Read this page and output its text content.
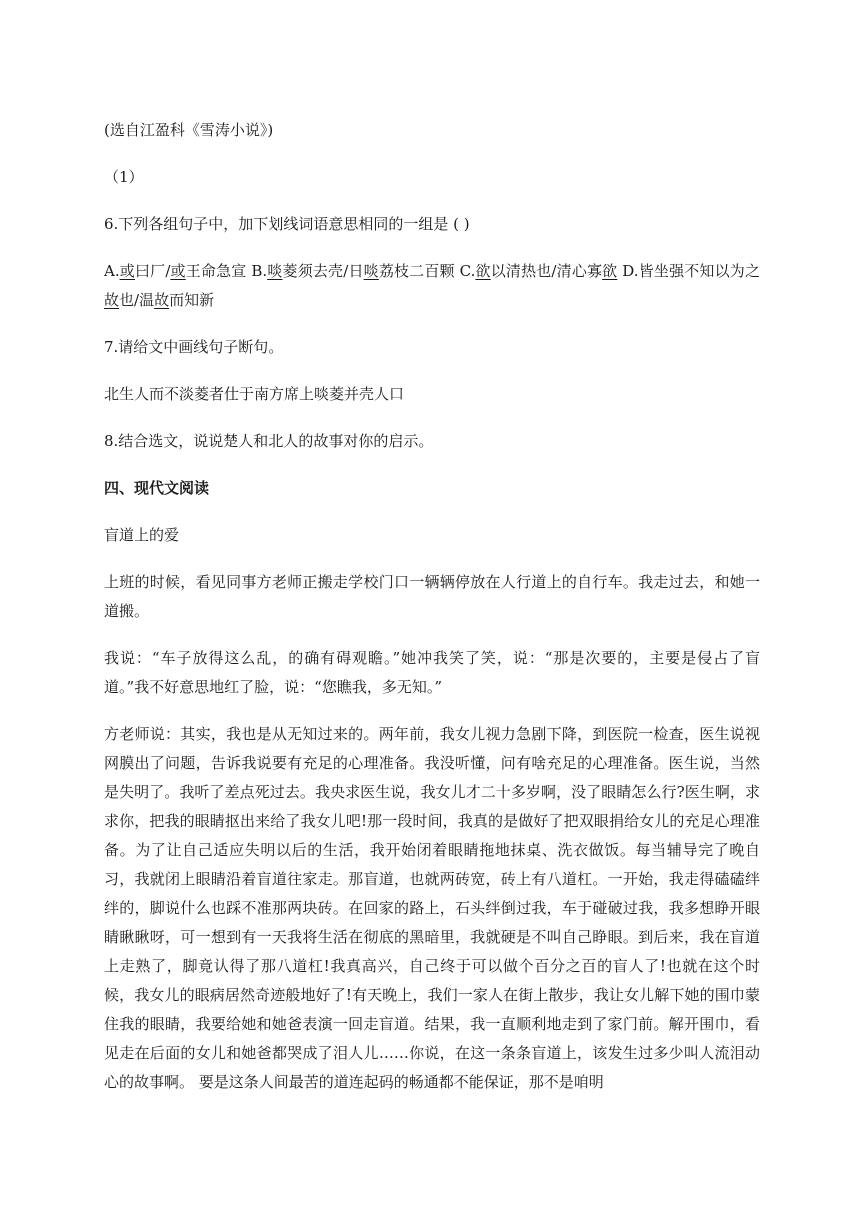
(选自江盈科《雪涛小说》)

（1）

6.下列各组句子中，加下划线词语意思相同的一组是 ( )

A.或曰厂/或王命急宣 B.啖菱须去壳/日啖荔枝二百颗 C.欲以清热也/清心寡欲 D.皆坐强不知以为之故也/温故而知新

7.请给文中画线句子断句。

北生人而不淡菱者仕于南方席上啖菱并壳人口

8.结合选文，说说楚人和北人的故事对你的启示。

四、现代文阅读

盲道上的爱

上班的时候，看见同事方老师正搬走学校门口一辆辆停放在人行道上的自行车。我走过去，和她一道搬。

我说：“车子放得这么乱，的确有碍观瞻。”她冲我笑了笑，说：“那是次要的，主要是侵占了盲道。”我不好意思地红了脸，说：“您瞧我，多无知。”

方老师说：其实，我也是从无知过来的。两年前，我女儿视力急剧下降，到医院一检查，医生说视网膜出了问题，告诉我说要有充足的心理准备。我没听懂，问有啥充足的心理准备。医生说，当然是失明了。我听了差点死过去。我央求医生说，我女儿才二十多岁啊，没了眼睛怎么行?医生啊，求求你，把我的眼睛抠出来给了我女儿吧!那一段时间，我真的是做好了把双眼捐给女儿的充足心理准备。为了让自己适应失明以后的生活，我开始闭着眼睛拖地抹桌、洗衣做饭。每当辅导完了晚自习，我就闭上眼睛沿着盲道往家走。那盲道，也就两砖宽，砖上有八道杠。一开始，我走得磕磕绊绊的，脚说什么也踩不准那两块砖。在回家的路上，石头绊倒过我，车于碰破过我，我多想睁开眼睛瞅瞅呀，可一想到有一天我将生活在彻底的黑暗里，我就硬是不叫自己睁眼。到后来，我在盲道上走熟了，脚竟认得了那八道杠!我真高兴，自己终于可以做个百分之百的盲人了!也就在这个时候，我女儿的眼病居然奇迹般地好了!有天晚上，我们一家人在街上散步，我让女儿解下她的围巾蒙住我的眼睛，我要给她和她爸表演一回走盲道。结果，我一直顺利地走到了家门前。解开围巾，看见走在后面的女儿和她爸都哭成了泪人儿……你说，在这一条条盲道上，该发生过多少叫人流泪动心的故事啊。 要是这条人间最苦的道连起码的畅通都不能保证，那不是咱明
